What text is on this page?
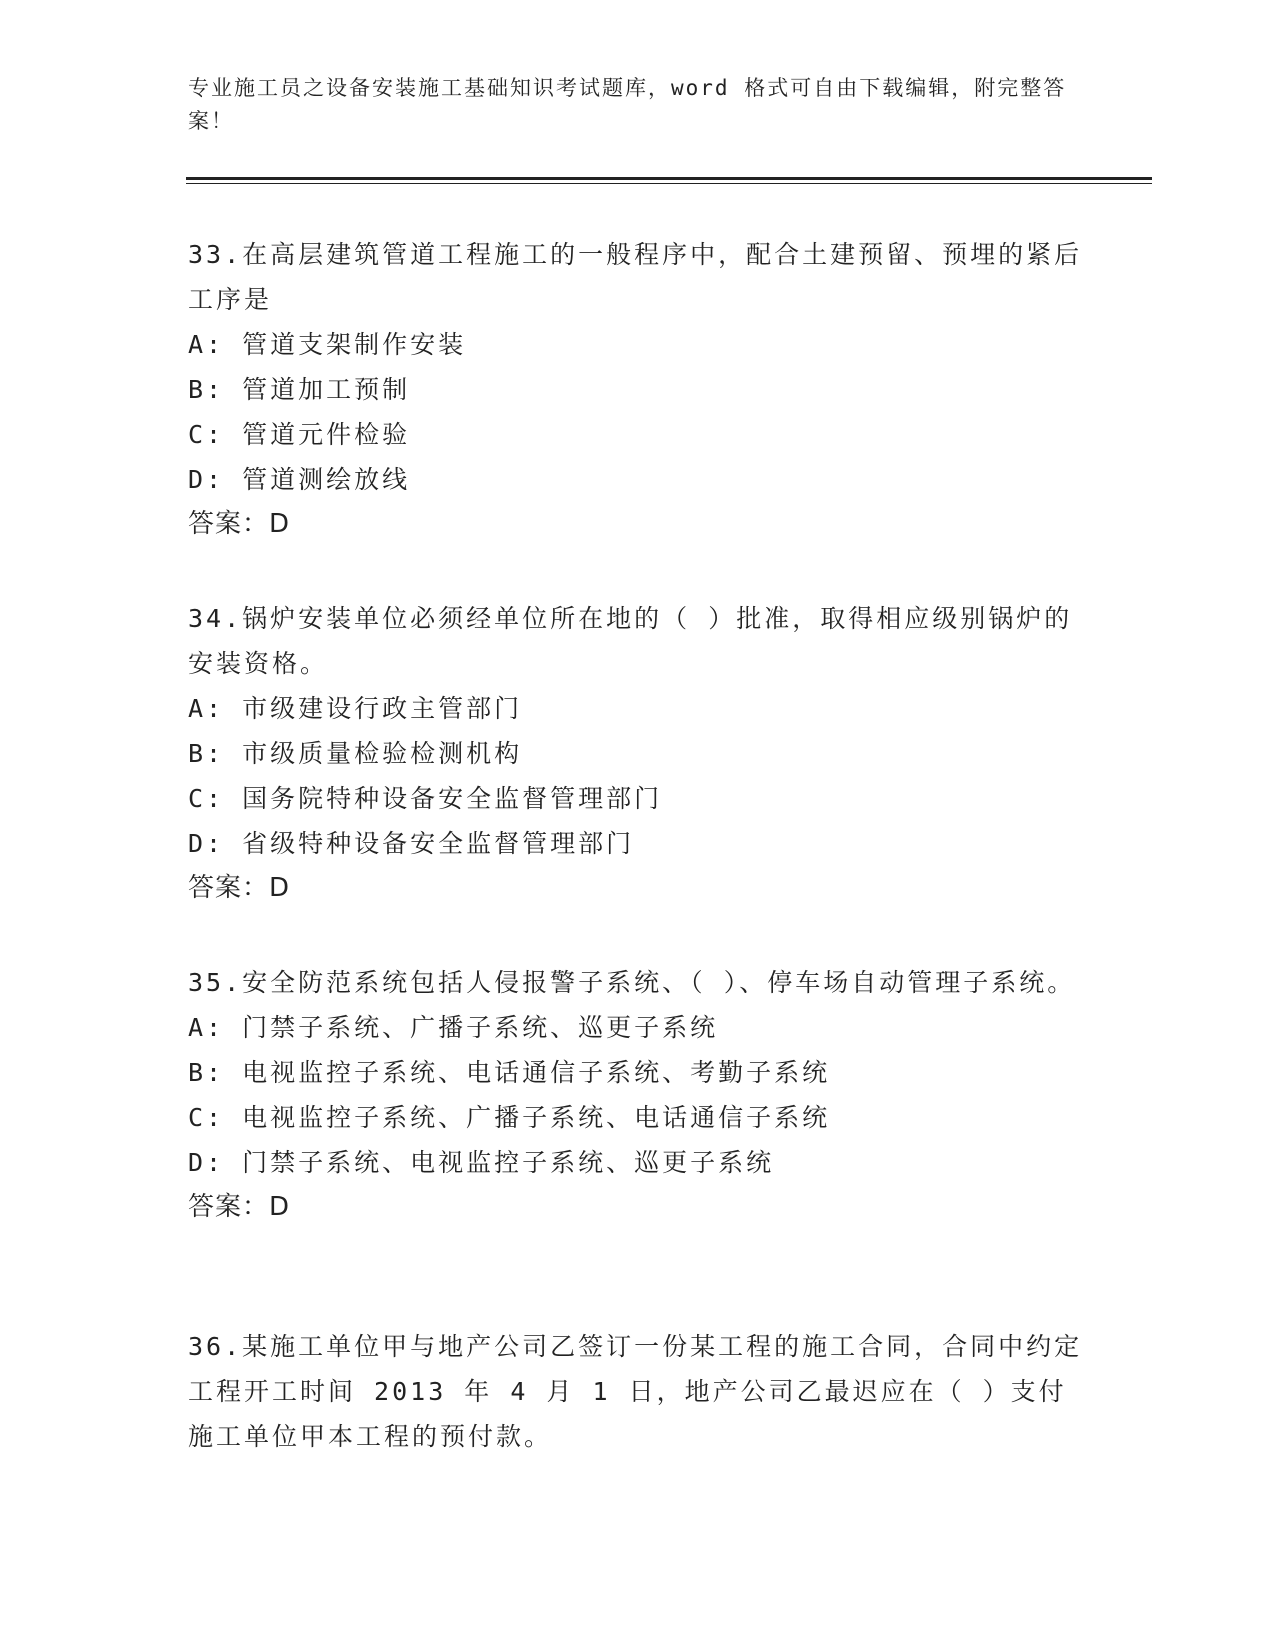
专业施工员之设备安装施工基础知识考试题库，word 格式可自由下载编辑，附完整答案！

33.在高层建筑管道工程施工的一般程序中，配合土建预留、预埋的紧后工序是

A: 管道支架制作安装

B: 管道加工预制

C: 管道元件检验

D: 管道测绘放线

答案：D

34.锅炉安装单位必须经单位所在地的（ ）批准，取得相应级别锅炉的安装资格。

A: 市级建设行政主管部门

B: 市级质量检验检测机构

C: 国务院特种设备安全监督管理部门

D: 省级特种设备安全监督管理部门

答案：D

35.安全防范系统包括人侵报警子系统、（ ）、停车场自动管理子系统。

A: 门禁子系统、广播子系统、巡更子系统

B: 电视监控子系统、电话通信子系统、考勤子系统

C: 电视监控子系统、广播子系统、电话通信子系统

D: 门禁子系统、电视监控子系统、巡更子系统

答案：D

36.某施工单位甲与地产公司乙签订一份某工程的施工合同，合同中约定工程开工时间 2013 年 4 月 1 日，地产公司乙最迟应在（ ）支付施工单位甲本工程的预付款。
